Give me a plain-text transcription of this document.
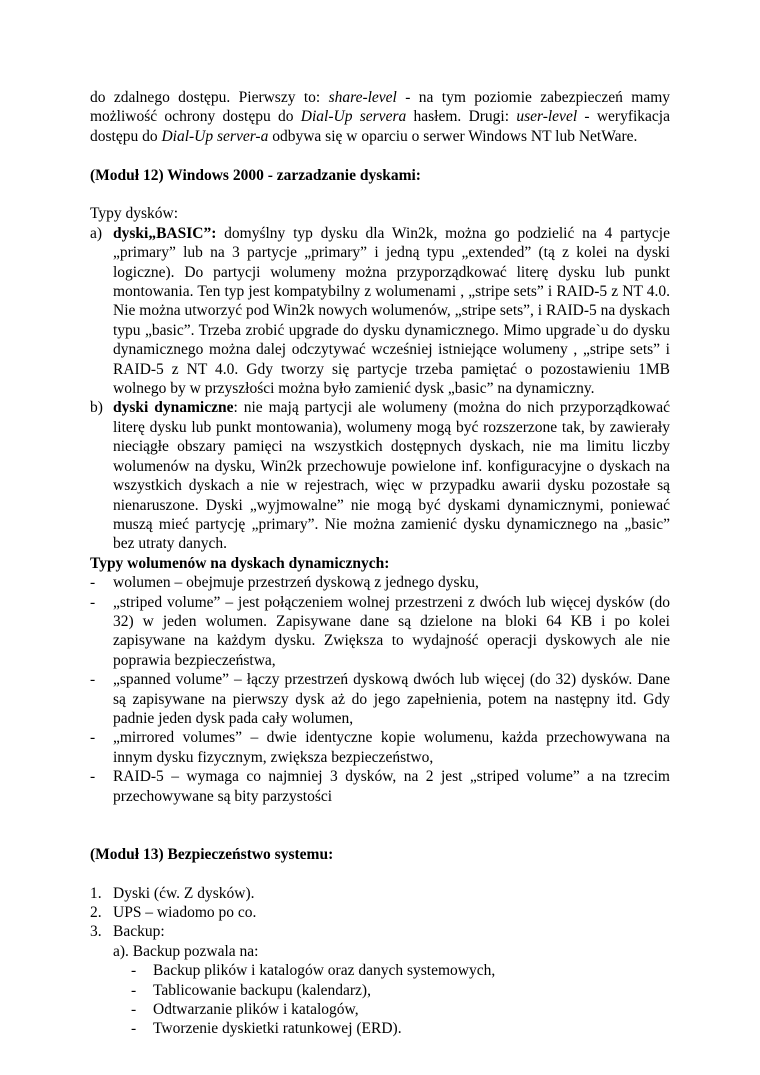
do zdalnego dostępu. Pierwszy to: share-level - na tym poziomie zabezpieczeń mamy możliwość ochrony dostępu do Dial-Up servera hasłem. Drugi: user-level - weryfikacja dostępu do Dial-Up server-a odbywa się w oparciu o serwer Windows NT lub NetWare.

(Moduł 12) Windows 2000 - zarzadzanie dyskami:

Typy dysków:

a) dyski„BASIC”: domyślny typ dysku dla Win2k, można go podzielić na 4 partycje „primary” lub na 3 partycje „primary” i jedną typu „extended” (tą z kolei na dyski logiczne). Do partycji wolumeny można przyporządkować literę dysku lub punkt montowania. Ten typ jest kompatybilny z wolumenami , „stripe sets” i RAID-5 z NT 4.0. Nie można utworzyć pod Win2k nowych wolumenów, „stripe sets”, i RAID-5 na dyskach typu „basic”. Trzeba zrobić upgrade do dysku dynamicznego. Mimo upgrade`u do dysku dynamicznego można dalej odczytywać wcześniej istniejące wolumeny , „stripe sets” i RAID-5 z NT 4.0. Gdy tworzy się partycje trzeba pamiętać o pozostawieniu 1MB wolnego by w przyszłości można było zamienić dysk „basic” na dynamiczny.
b) dyski dynamiczne: nie mają partycji ale wolumeny (można do nich przyporządkować literę dysku lub punkt montowania), wolumeny mogą być rozszerzone tak, by zawierały nieciągłe obszary pamięci na wszystkich dostępnych dyskach, nie ma limitu liczby wolumenów na dysku, Win2k przechowuje powielone inf. konfiguracyjne o dyskach na wszystkich dyskach a nie w rejestrach, więc w przypadku awarii dysku pozostałe są nienaruszone. Dyski „wyjmowalne” nie mogą być dyskami dynamicznymi, poniewać muszą mieć partycję „primary”. Nie można zamienić dysku dynamicznego na „basic” bez utraty danych.

Typy wolumenów na dyskach dynamicznych:

- wolumen – obejmuje przestrzeń dyskową z jednego dysku,
- „striped volume” – jest połączeniem wolnej przestrzeni z dwóch lub więcej dysków (do 32) w jeden wolumen. Zapisywane dane są dzielone na bloki 64 KB i po kolei zapisywane na każdym dysku. Zwiększa to wydajność operacji dyskowych ale nie poprawia bezpieczeństwa,
- „spanned volume” – łączy przestrzeń dyskową dwóch lub więcej (do 32) dysków. Dane są zapisywane na pierwszy dysk aż do jego zapełnienia, potem na następny itd. Gdy padnie jeden dysk pada cały wolumen,
- „mirrored volumes” – dwie identyczne kopie wolumenu, każda przechowywana na innym dysku fizycznym, zwiększa bezpieczeństwo,
- RAID-5 – wymaga co najmniej 3 dysków, na 2 jest „striped volume” a na tzrecim przechowywane są bity parzystości

(Moduł 13) Bezpieczeństwo systemu:

1. Dyski (ćw. Z dysków).
2. UPS – wiadomo po co.
3. Backup:

a). Backup pozwala na:

- Backup plików i katalogów oraz danych systemowych,
- Tablicowanie backupu (kalendarz),
- Odtwarzanie plików i katalogów,
- Tworzenie dyskietki ratunkowej (ERD).
